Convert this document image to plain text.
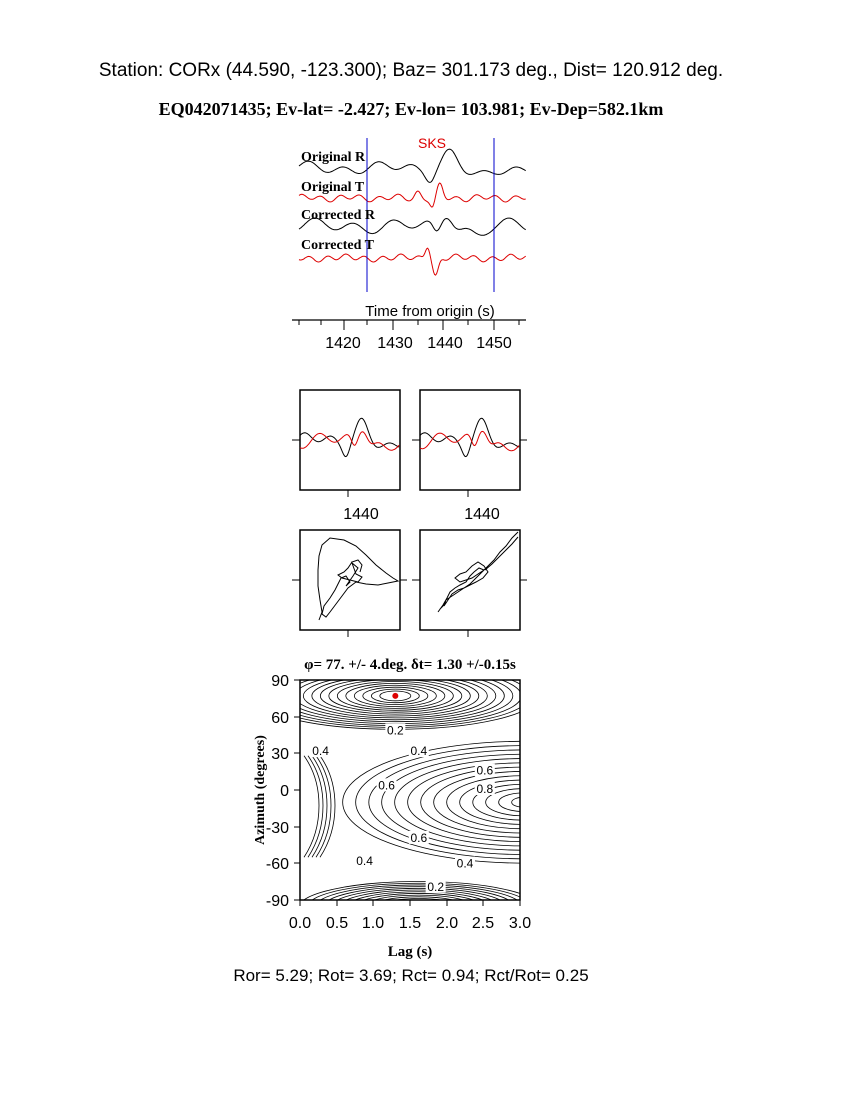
Station: CORx (44.590, -123.300); Baz= 301.173 deg., Dist= 120.912 deg.
EQ042071435; Ev-lat= -2.427; Ev-lon= 103.981; Ev-Dep=582.1km
SKS
Original R
Original T
Corrected R
Corrected T
Time from origin (s)
1420 1430 1440 1450
1440	1440
φ= 77. +/- 4.deg. δt= 1.30 +/-0.15s
0.2
0.4	0.4
0.6
0.6	0.8
0.6
0.4	0.4
0.2
0.0 0.5 1.0 1.5 2.0 2.5 3.0
90
60
30
0
-30
-60
-90
Azimuth (degrees)
Lag (s)
Ror= 5.29; Rot= 3.69; Rct= 0.94; Rct/Rot= 0.25
